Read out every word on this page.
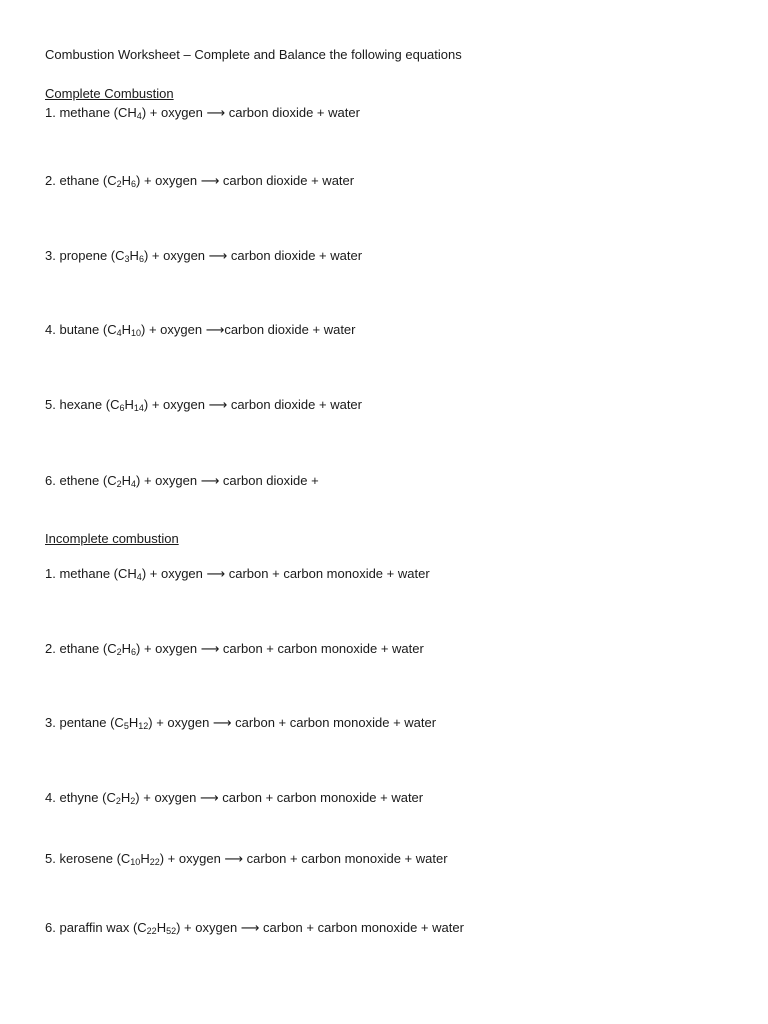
Combustion Worksheet – Complete and Balance the following equations
Complete Combustion
1. methane $(CH_4)$ + oxygen ⟶ carbon dioxide + water
2. ethane $(C_2H_6)$ + oxygen ⟶ carbon dioxide + water
3. propene $(C_3H_6)$ + oxygen ⟶ carbon dioxide + water
4. butane $(C_4H_{10})$ + oxygen ⟶carbon dioxide + water
5. hexane $(C_6H_{14})$ + oxygen ⟶ carbon dioxide + water
6. ethene $(C_2H_4)$ + oxygen ⟶ carbon dioxide +
Incomplete combustion
1. methane $(CH_4)$ + oxygen ⟶ carbon + carbon monoxide + water
2. ethane $(C_2H_6)$ + oxygen ⟶ carbon + carbon monoxide + water
3. pentane $(C_5H_{12})$ + oxygen ⟶ carbon + carbon monoxide + water
4. ethyne $(C_2H_2)$ + oxygen ⟶ carbon + carbon monoxide + water
5. kerosene $(C_{10}H_{22})$ + oxygen ⟶ carbon + carbon monoxide + water
6. paraffin wax $(C_{22}H_{52})$ + oxygen ⟶ carbon + carbon monoxide + water
